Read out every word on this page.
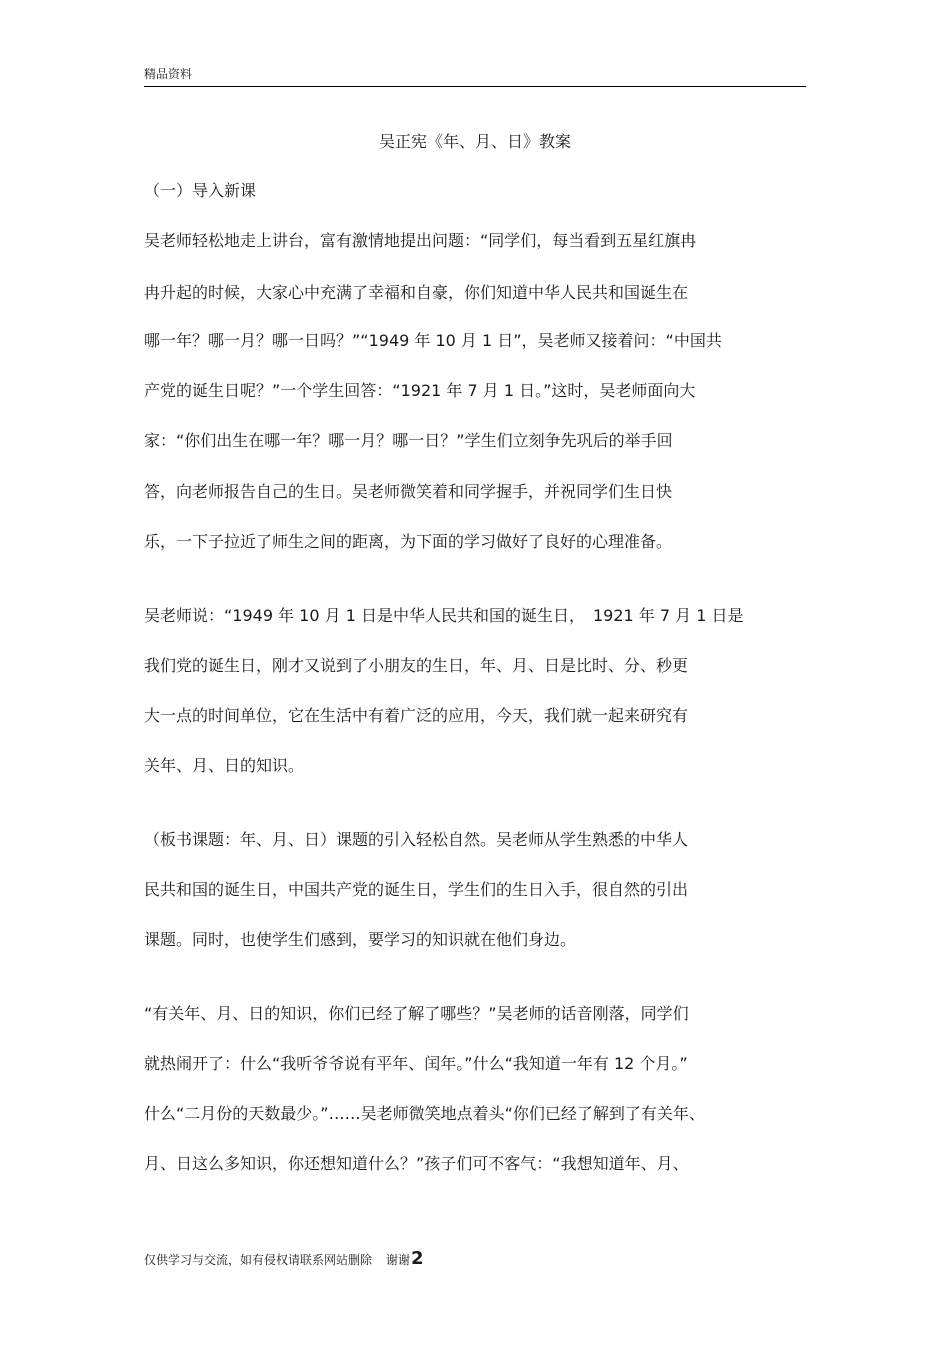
精品资料
吴正宪《年、月、日》教案
（一）导入新课
吴老师轻松地走上讲台，富有激情地提出问题：“同学们，每当看到五星红旗冉
冉升起的时候，大家心中充满了幸福和自豪，你们知道中华人民共和国诞生在
哪一年？哪一月？哪一日吗？”“1949 年 10 月 1 日”，吴老师又接着问：“中国共
产党的诞生日呢？”一个学生回答：“1921 年 7 月 1 日。”这时，吴老师面向大
家：“你们出生在哪一年？哪一月？哪一日？”学生们立刻争先巩后的举手回
答，向老师报告自己的生日。吴老师微笑着和同学握手，并祝同学们生日快
乐，一下子拉近了师生之间的距离，为下面的学习做好了良好的心理准备。
吴老师说：“1949 年 10 月 1 日是中华人民共和国的诞生日，　1921 年 7 月 1 日是
我们党的诞生日，刚才又说到了小朋友的生日，年、月、日是比时、分、秒更
大一点的时间单位，它在生活中有着广泛的应用，今天，我们就一起来研究有
关年、月、日的知识。
（板书课题：年、月、日）课题的引入轻松自然。吴老师从学生熟悉的中华人
民共和国的诞生日，中国共产党的诞生日，学生们的生日入手，很自然的引出
课题。同时，也使学生们感到，要学习的知识就在他们身边。
“有关年、月、日的知识，你们已经了解了哪些？”吴老师的话音刚落，同学们
就热闹开了：什么“我听爷爷说有平年、闰年。”什么“我知道一年有 12 个月。”
什么“二月份的天数最少。”……吴老师微笑地点着头“你们已经了解到了有关年、
月、日这么多知识，你还想知道什么？”孩子们可不客气：“我想知道年、月、
仅供学习与交流，如有侵权请联系网站删除 谢谢2
